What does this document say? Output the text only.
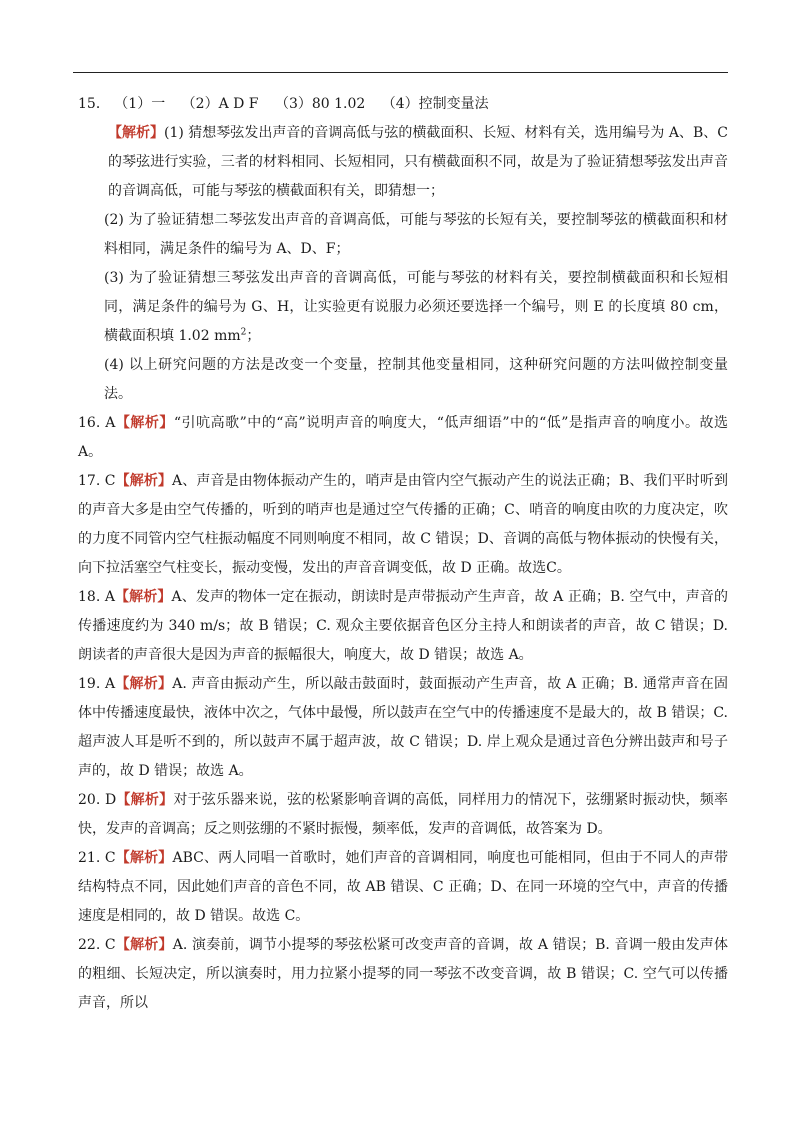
15． （1）一 （2）A D F （3）80 1.02 （4）控制变量法
【解析】(1) 猜想琴弦发出声音的音调高低与弦的横截面积、长短、材料有关，选用编号为 A、B、C 的琴弦进行实验，三者的材料相同、长短相同，只有横截面积不同，故是为了验证猜想琴弦发出声音的音调高低，可能与琴弦的横截面积有关，即猜想一；
(2) 为了验证猜想二琴弦发出声音的音调高低，可能与琴弦的长短有关，要控制琴弦的横截面积和材料相同，满足条件的编号为 A、D、F；
(3) 为了验证猜想三琴弦发出声音的音调高低，可能与琴弦的材料有关，要控制横截面积和长短相同，满足条件的编号为 G、H，让实验更有说服力必须还要选择一个编号，则 E 的长度填 80 cm，横截面积填 1.02 $mm^2$；
(4) 以上研究问题的方法是改变一个变量，控制其他变量相同，这种研究问题的方法叫做控制变量法。
16. A【解析】“引吭高歌”中的“高”说明声音的响度大，“低声细语”中的“低”是指声音的响度小。故选A。
17. C【解析】A、声音是由物体振动产生的，哨声是由管内空气振动产生的说法正确；B、我们平时听到的声音大多是由空气传播的，听到的哨声也是通过空气传播的正确；C、哨音的响度由吹的力度决定，吹的力度不同管内空气柱振动幅度不同则响度不相同，故 C 错误；D、音调的高低与物体振动的快慢有关，向下拉活塞空气柱变长，振动变慢，发出的声音音调变低，故 D 正确。故选C。
18. A【解析】A、发声的物体一定在振动，朗读时是声带振动产生声音，故 A 正确；B. 空气中，声音的传播速度约为 340 m/s；故 B 错误；C. 观众主要依据音色区分主持人和朗读者的声音，故 C 错误；D. 朗读者的声音很大是因为声音的振幅很大，响度大，故 D 错误；故选 A。
19. A【解析】A. 声音由振动产生，所以敲击鼓面时，鼓面振动产生声音，故 A 正确；B. 通常声音在固体中传播速度最快，液体中次之，气体中最慢，所以鼓声在空气中的传播速度不是最大的，故 B 错误；C. 超声波人耳是听不到的，所以鼓声不属于超声波，故 C 错误；D. 岸上观众是通过音色分辨出鼓声和号子声的，故 D 错误；故选 A。
20. D【解析】对于弦乐器来说，弦的松紧影响音调的高低，同样用力的情况下，弦绷紧时振动快，频率快，发声的音调高；反之则弦绷的不紧时振慢，频率低，发声的音调低，故答案为 D。
21. C【解析】ABC、两人同唱一首歌时，她们声音的音调相同，响度也可能相同，但由于不同人的声带结构特点不同，因此她们声音的音色不同，故 AB 错误、C 正确；D、在同一环境的空气中，声音的传播速度是相同的，故 D 错误。故选 C。
22. C【解析】A. 演奏前，调节小提琴的琴弦松紧可改变声音的音调，故 A 错误；B. 音调一般由发声体的粗细、长短决定，所以演奏时，用力拉紧小提琴的同一琴弦不改变音调，故 B 错误；C. 空气可以传播声音，所以
